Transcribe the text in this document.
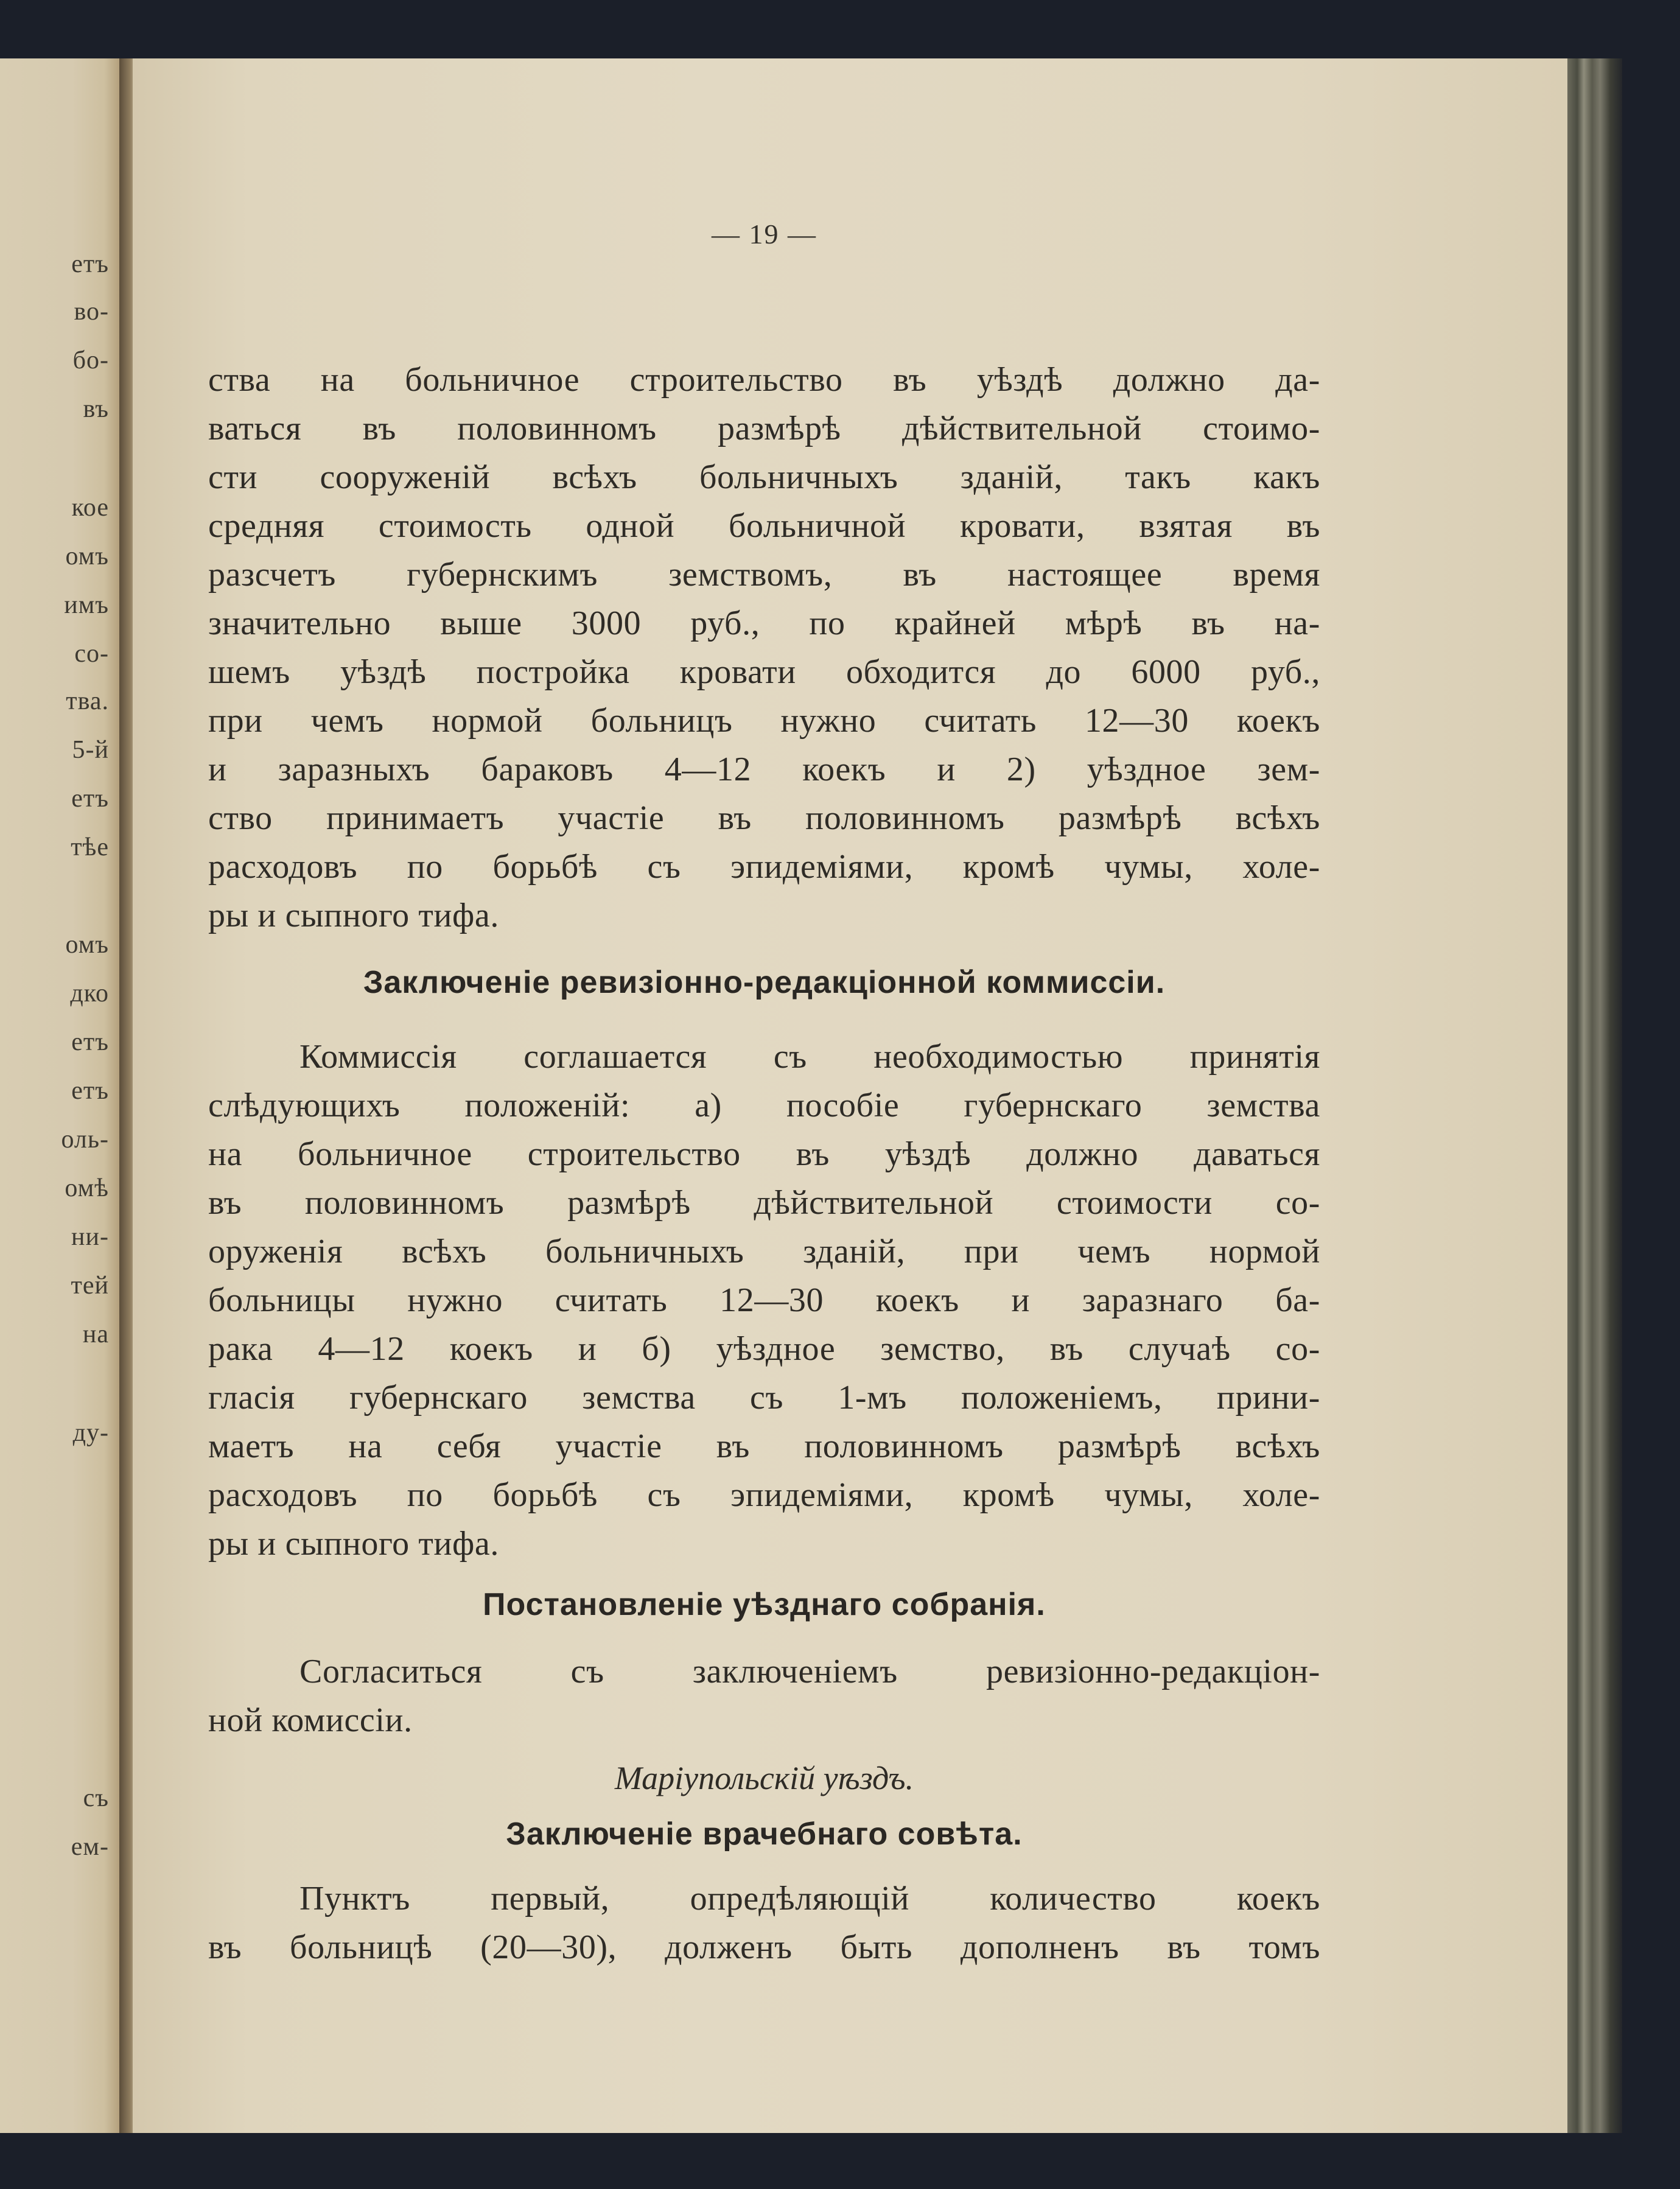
етъ
во-
бо-
въ
кое
омъ
имъ
со-
тва.
5-й
етъ
тѣе
омъ
дко
етъ
етъ
оль-
омѣ
ни-
тей
на
ду-
съ
ем-
— 19 —
ства на больничное строительство въ уѣздѣ должно да-
ваться въ половинномъ размѣрѣ дѣйствительной стоимо-
сти сооруженій всѣхъ больничныхъ зданій, такъ какъ
средняя стоимость одной больничной кровати, взятая въ
разсчетъ губернскимъ земствомъ, въ настоящее время
значительно выше 3000 руб., по крайней мѣрѣ въ на-
шемъ уѣздѣ постройка кровати обходится до 6000 руб.,
при чемъ нормой больницъ нужно считать 12—30 коекъ
и заразныхъ бараковъ 4—12 коекъ и 2) уѣздное зем-
ство принимаетъ участіе въ половинномъ размѣрѣ всѣхъ
расходовъ по борьбѣ съ эпидеміями, кромѣ чумы, холе-
ры и сыпного тифа.
Заключеніе ревизіонно-редакціонной коммиссіи.
Коммиссія соглашается съ необходимостью принятія
слѣдующихъ положеній: а) пособіе губернскаго земства
на больничное строительство въ уѣздѣ должно даваться
въ половинномъ размѣрѣ дѣйствительной стоимости со-
оруженія всѣхъ больничныхъ зданій, при чемъ нормой
больницы нужно считать 12—30 коекъ и заразнаго ба-
рака 4—12 коекъ и б) уѣздное земство, въ случаѣ со-
гласія губернскаго земства съ 1-мъ положеніемъ, прини-
маетъ на себя участіе въ половинномъ размѣрѣ всѣхъ
расходовъ по борьбѣ съ эпидеміями, кромѣ чумы, холе-
ры и сыпного тифа.
Постановленіе уѣзднаго собранія.
Согласиться съ заключеніемъ ревизіонно-редакціон-
ной комиссіи.
Маріупольскій уѣздъ.
Заключеніе врачебнаго совѣта.
Пунктъ первый, опредѣляющій количество коекъ
въ больницѣ (20—30), долженъ быть дополненъ въ томъ
